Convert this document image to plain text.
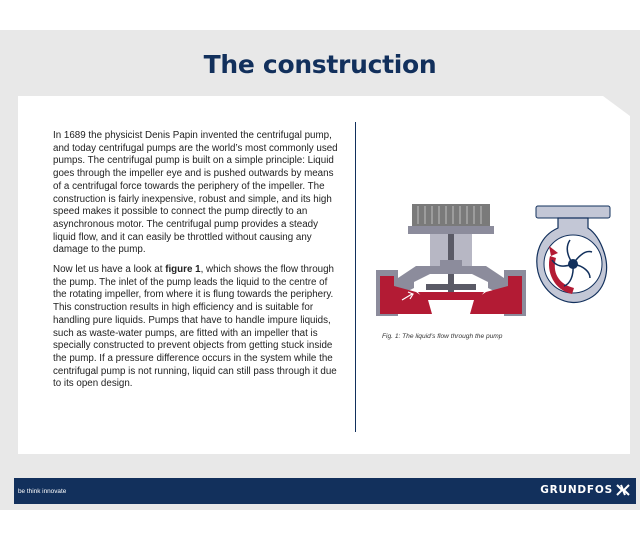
The construction

In 1689 the physicist Denis Papin invented the centrifugal pump, and today centrifugal pumps are the world’s most commonly used pumps. The centrifugal pump is built on a simple principle: Liquid goes through the impeller eye and is pushed outwards by means of a centrifugal force towards the periphery of the impeller. The construction is fairly inexpensive, robust and simple, and its high speed makes it possible to connect the pump directly to an asynchronous motor. The centrifugal pump provides a steady liquid flow, and it can easily be throttled without causing any damage to the pump.

Now let us have a look at figure 1, which shows the flow through the pump. The inlet of the pump leads the liquid to the centre of the rotating impeller, from where it is flung towards the periphery. This construction results in high efficiency and is suitable for handling pure liquids. Pumps that have to handle impure liquids, such as waste-water pumps, are fitted with an impeller that is specially constructed to prevent objects from getting stuck inside the pump. If a pressure difference occurs in the system while the centrifugal pump is not running, liquid can still pass through it due to its open design.

Fig. 1: The liquid’s flow through the pump
be think innovate	GRUNDFOS
